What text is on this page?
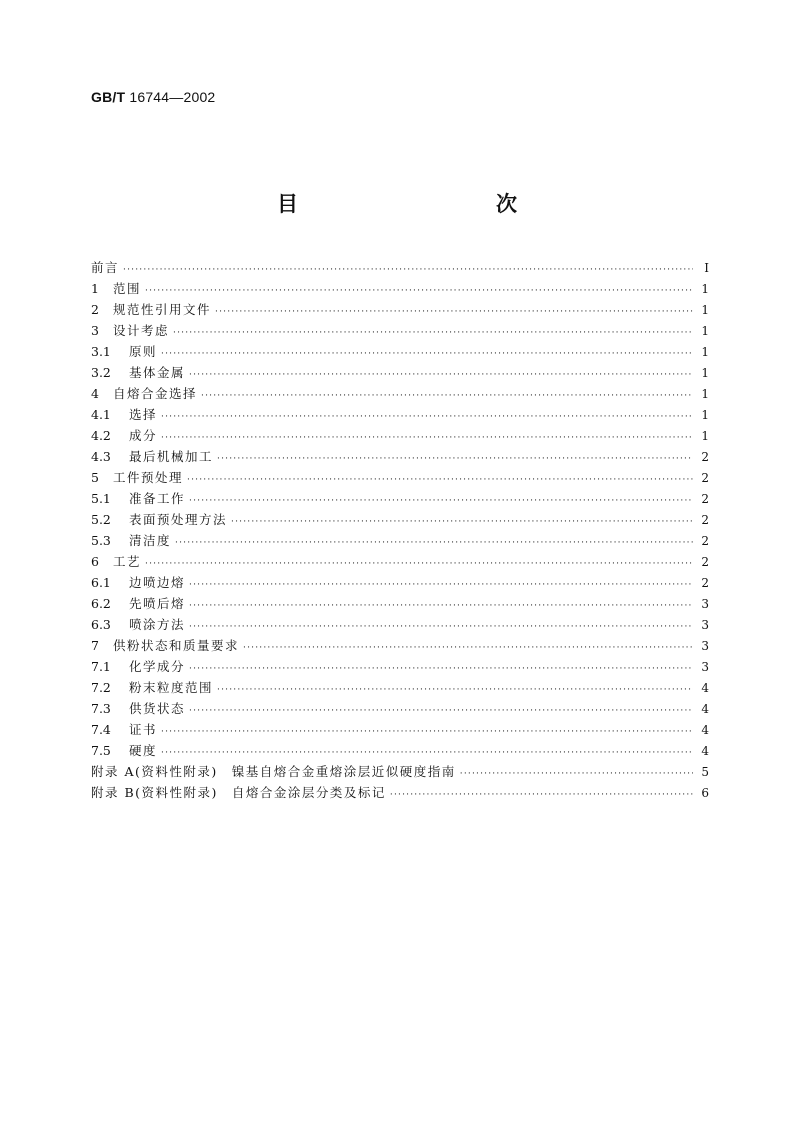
GB/T 16744—2002
目　　次
前言 ·····	I
1	范围 ·····	1
2	规范性引用文件 ·····	1
3	设计考虑 ·····	1
3.1	原则 ·····	1
3.2	基体金属 ·····	1
4	自熔合金选择 ·····	1
4.1	选择 ·····	1
4.2	成分 ·····	1
4.3	最后机械加工 ·····	2
5	工件预处理 ·····	2
5.1	准备工作 ·····	2
5.2	表面预处理方法 ·····	2
5.3	清洁度 ·····	2
6	工艺 ·····	2
6.1	边喷边熔 ·····	2
6.2	先喷后熔 ·····	3
6.3	喷涂方法 ·····	3
7	供粉状态和质量要求 ·····	3
7.1	化学成分 ·····	3
7.2	粉末粒度范围 ·····	4
7.3	供货状态 ·····	4
7.4	证书 ·····	4
7.5	硬度 ·····	4
附录 A(资料性附录)　镍基自熔合金重熔涂层近似硬度指南 ·····	5
附录 B(资料性附录)　自熔合金涂层分类及标记 ·····	6
